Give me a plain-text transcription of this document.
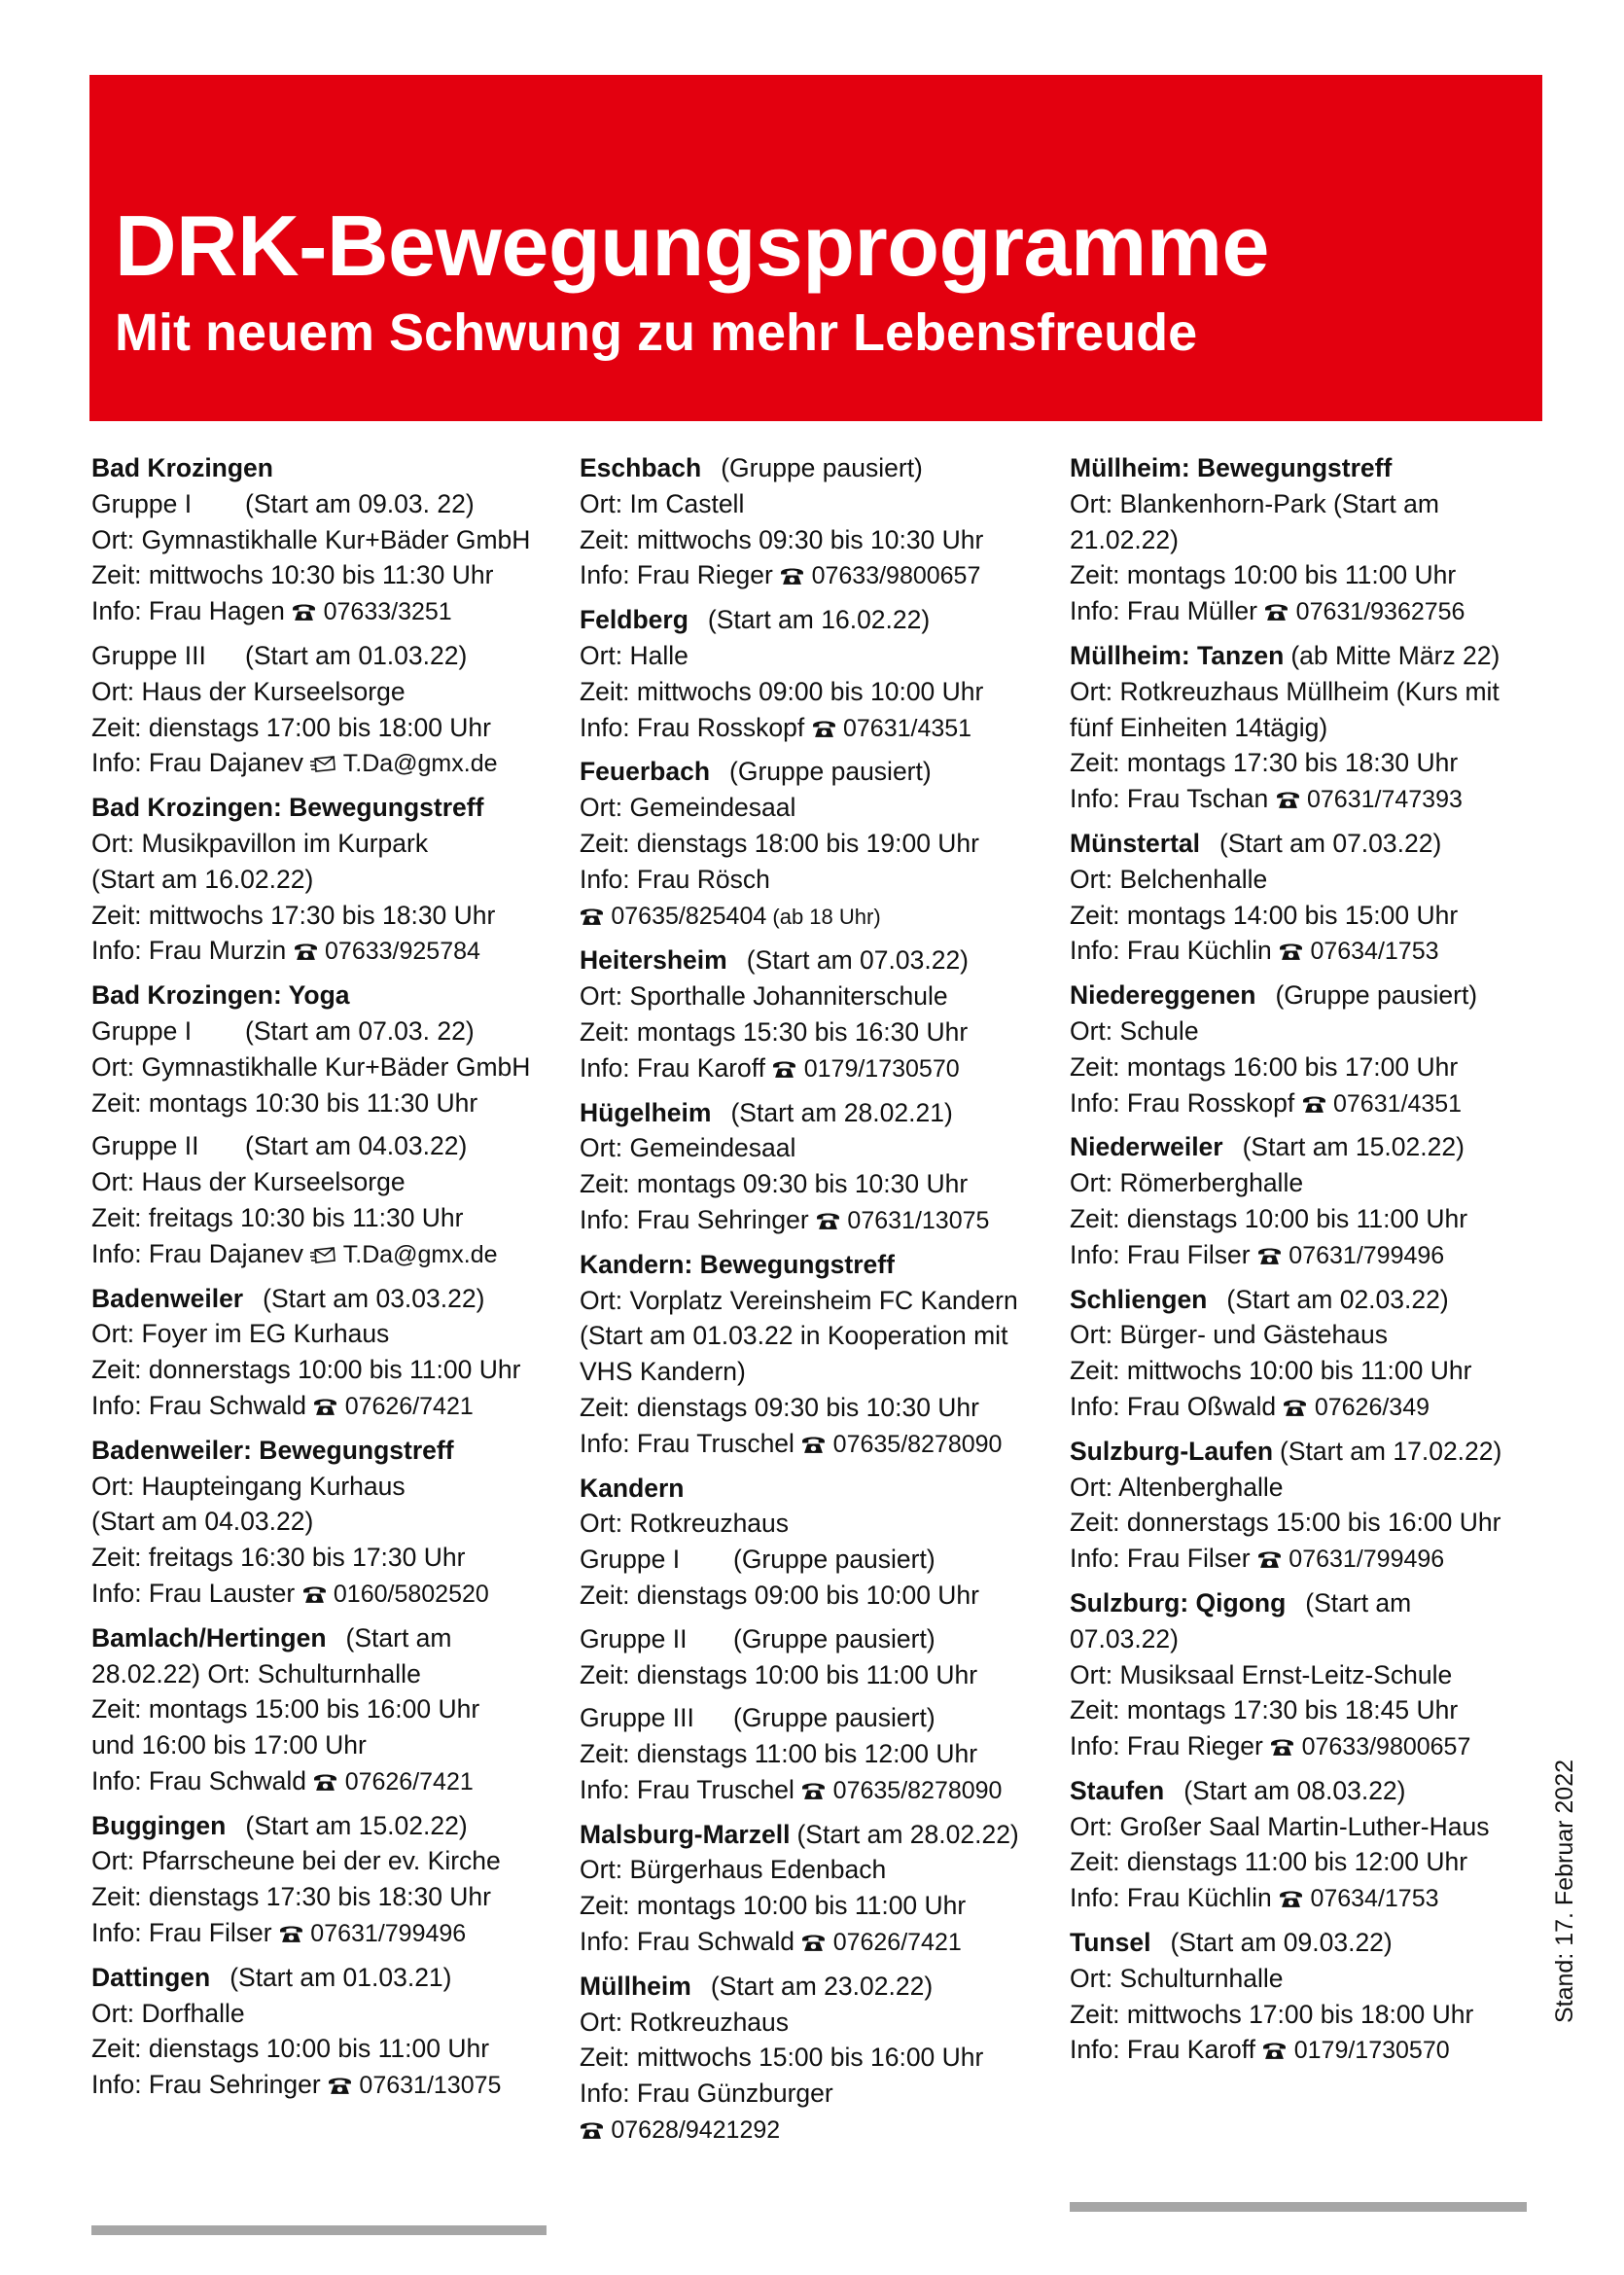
DRK-Bewegungsprogramme
Mit neuem Schwung zu mehr Lebensfreude
Bad Krozingen
Gruppe I (Start am 09.03. 22)
Ort: Gymnastikhalle Kur+Bäder GmbH
Zeit: mittwochs 10:30 bis 11:30 Uhr
Info: Frau Hagen  07633/3251
Gruppe III (Start am 01.03.22)
Ort: Haus der Kurseelsorge
Zeit: dienstags 17:00 bis 18:00 Uhr
Info: Frau Dajanev  T.Da@gmx.de
Bad Krozingen: Bewegungstreff
Ort: Musikpavillon im Kurpark
(Start am 16.02.22)
Zeit: mittwochs 17:30 bis 18:30 Uhr
Info: Frau Murzin  07633/925784
Bad Krozingen: Yoga
Gruppe I (Start am 07.03. 22)
Ort: Gymnastikhalle Kur+Bäder GmbH
Zeit: montags 10:30 bis 11:30 Uhr
Gruppe II (Start am 04.03.22)
Ort: Haus der Kurseelsorge
Zeit: freitags 10:30 bis 11:30 Uhr
Info: Frau Dajanev  T.Da@gmx.de
Badenweiler (Start am 03.03.22)
Ort: Foyer im EG Kurhaus
Zeit: donnerstags 10:00 bis 11:00 Uhr
Info: Frau Schwald  07626/7421
Badenweiler: Bewegungstreff
Ort: Haupteingang Kurhaus
(Start am 04.03.22)
Zeit: freitags 16:30 bis 17:30 Uhr
Info: Frau Lauster  0160/5802520
Bamlach/Hertingen (Start am
28.02.22) Ort: Schulturnhalle
Zeit: montags 15:00 bis 16:00 Uhr
und 16:00 bis 17:00 Uhr
Info: Frau Schwald  07626/7421
Buggingen (Start am 15.02.22)
Ort: Pfarrscheune bei der ev. Kirche
Zeit: dienstags 17:30 bis 18:30 Uhr
Info: Frau Filser  07631/799496
Dattingen (Start am 01.03.21)
Ort: Dorfhalle
Zeit: dienstags 10:00 bis 11:00 Uhr
Info: Frau Sehringer  07631/13075
Eschbach (Gruppe pausiert)
Ort: Im Castell
Zeit: mittwochs 09:30 bis 10:30 Uhr
Info: Frau Rieger  07633/9800657
Feldberg (Start am 16.02.22)
Ort: Halle
Zeit: mittwochs 09:00 bis 10:00 Uhr
Info: Frau Rosskopf  07631/4351
Feuerbach (Gruppe pausiert)
Ort: Gemeindesaal
Zeit: dienstags 18:00 bis 19:00 Uhr
Info: Frau Rösch
07635/825404 (ab 18 Uhr)
Heitersheim (Start am 07.03.22)
Ort: Sporthalle Johanniterschule
Zeit: montags 15:30 bis 16:30 Uhr
Info: Frau Karoff  0179/1730570
Hügelheim (Start am 28.02.21)
Ort: Gemeindesaal
Zeit: montags 09:30 bis 10:30 Uhr
Info: Frau Sehringer  07631/13075
Kandern: Bewegungstreff
Ort: Vorplatz Vereinsheim FC Kandern
(Start am 01.03.22 in Kooperation mit
VHS Kandern)
Zeit: dienstags 09:30 bis 10:30 Uhr
Info: Frau Truschel  07635/8278090
Kandern
Ort: Rotkreuzhaus
Gruppe I (Gruppe pausiert)
Zeit: dienstags 09:00 bis 10:00 Uhr
Gruppe II (Gruppe pausiert)
Zeit: dienstags 10:00 bis 11:00 Uhr
Gruppe III (Gruppe pausiert)
Zeit: dienstags 11:00 bis 12:00 Uhr
Info: Frau Truschel  07635/8278090
Malsburg-Marzell (Start am 28.02.22)
Ort: Bürgerhaus Edenbach
Zeit: montags 10:00 bis 11:00 Uhr
Info: Frau Schwald  07626/7421
Müllheim (Start am 23.02.22)
Ort: Rotkreuzhaus
Zeit: mittwochs 15:00 bis 16:00 Uhr
Info: Frau Günzburger
07628/9421292
Müllheim: Bewegungstreff
Ort: Blankenhorn-Park (Start am
21.02.22)
Zeit: montags 10:00 bis 11:00 Uhr
Info: Frau Müller  07631/9362756
Müllheim: Tanzen (ab Mitte März 22)
Ort: Rotkreuzhaus Müllheim (Kurs mit
fünf Einheiten 14tägig)
Zeit: montags 17:30 bis 18:30 Uhr
Info: Frau Tschan  07631/747393
Münstertal (Start am 07.03.22)
Ort: Belchenhalle
Zeit: montags 14:00 bis 15:00 Uhr
Info: Frau Küchlin  07634/1753
Niedereggenen (Gruppe pausiert)
Ort: Schule
Zeit: montags 16:00 bis 17:00 Uhr
Info: Frau Rosskopf  07631/4351
Niederweiler (Start am 15.02.22)
Ort: Römerberghalle
Zeit: dienstags 10:00 bis 11:00 Uhr
Info: Frau Filser  07631/799496
Schliengen (Start am 02.03.22)
Ort: Bürger- und Gästehaus
Zeit: mittwochs 10:00 bis 11:00 Uhr
Info: Frau Oßwald  07626/349
Sulzburg-Laufen (Start am 17.02.22)
Ort: Altenberghalle
Zeit: donnerstags 15:00 bis 16:00 Uhr
Info: Frau Filser  07631/799496
Sulzburg: Qigong (Start am
07.03.22)
Ort: Musiksaal Ernst-Leitz-Schule
Zeit: montags 17:30 bis 18:45 Uhr
Info: Frau Rieger  07633/9800657
Staufen (Start am 08.03.22)
Ort: Großer Saal Martin-Luther-Haus
Zeit: dienstags 11:00 bis 12:00 Uhr
Info: Frau Küchlin  07634/1753
Tunsel (Start am 09.03.22)
Ort: Schulturnhalle
Zeit: mittwochs 17:00 bis 18:00 Uhr
Info: Frau Karoff  0179/1730570
Stand: 17. Februar 2022
